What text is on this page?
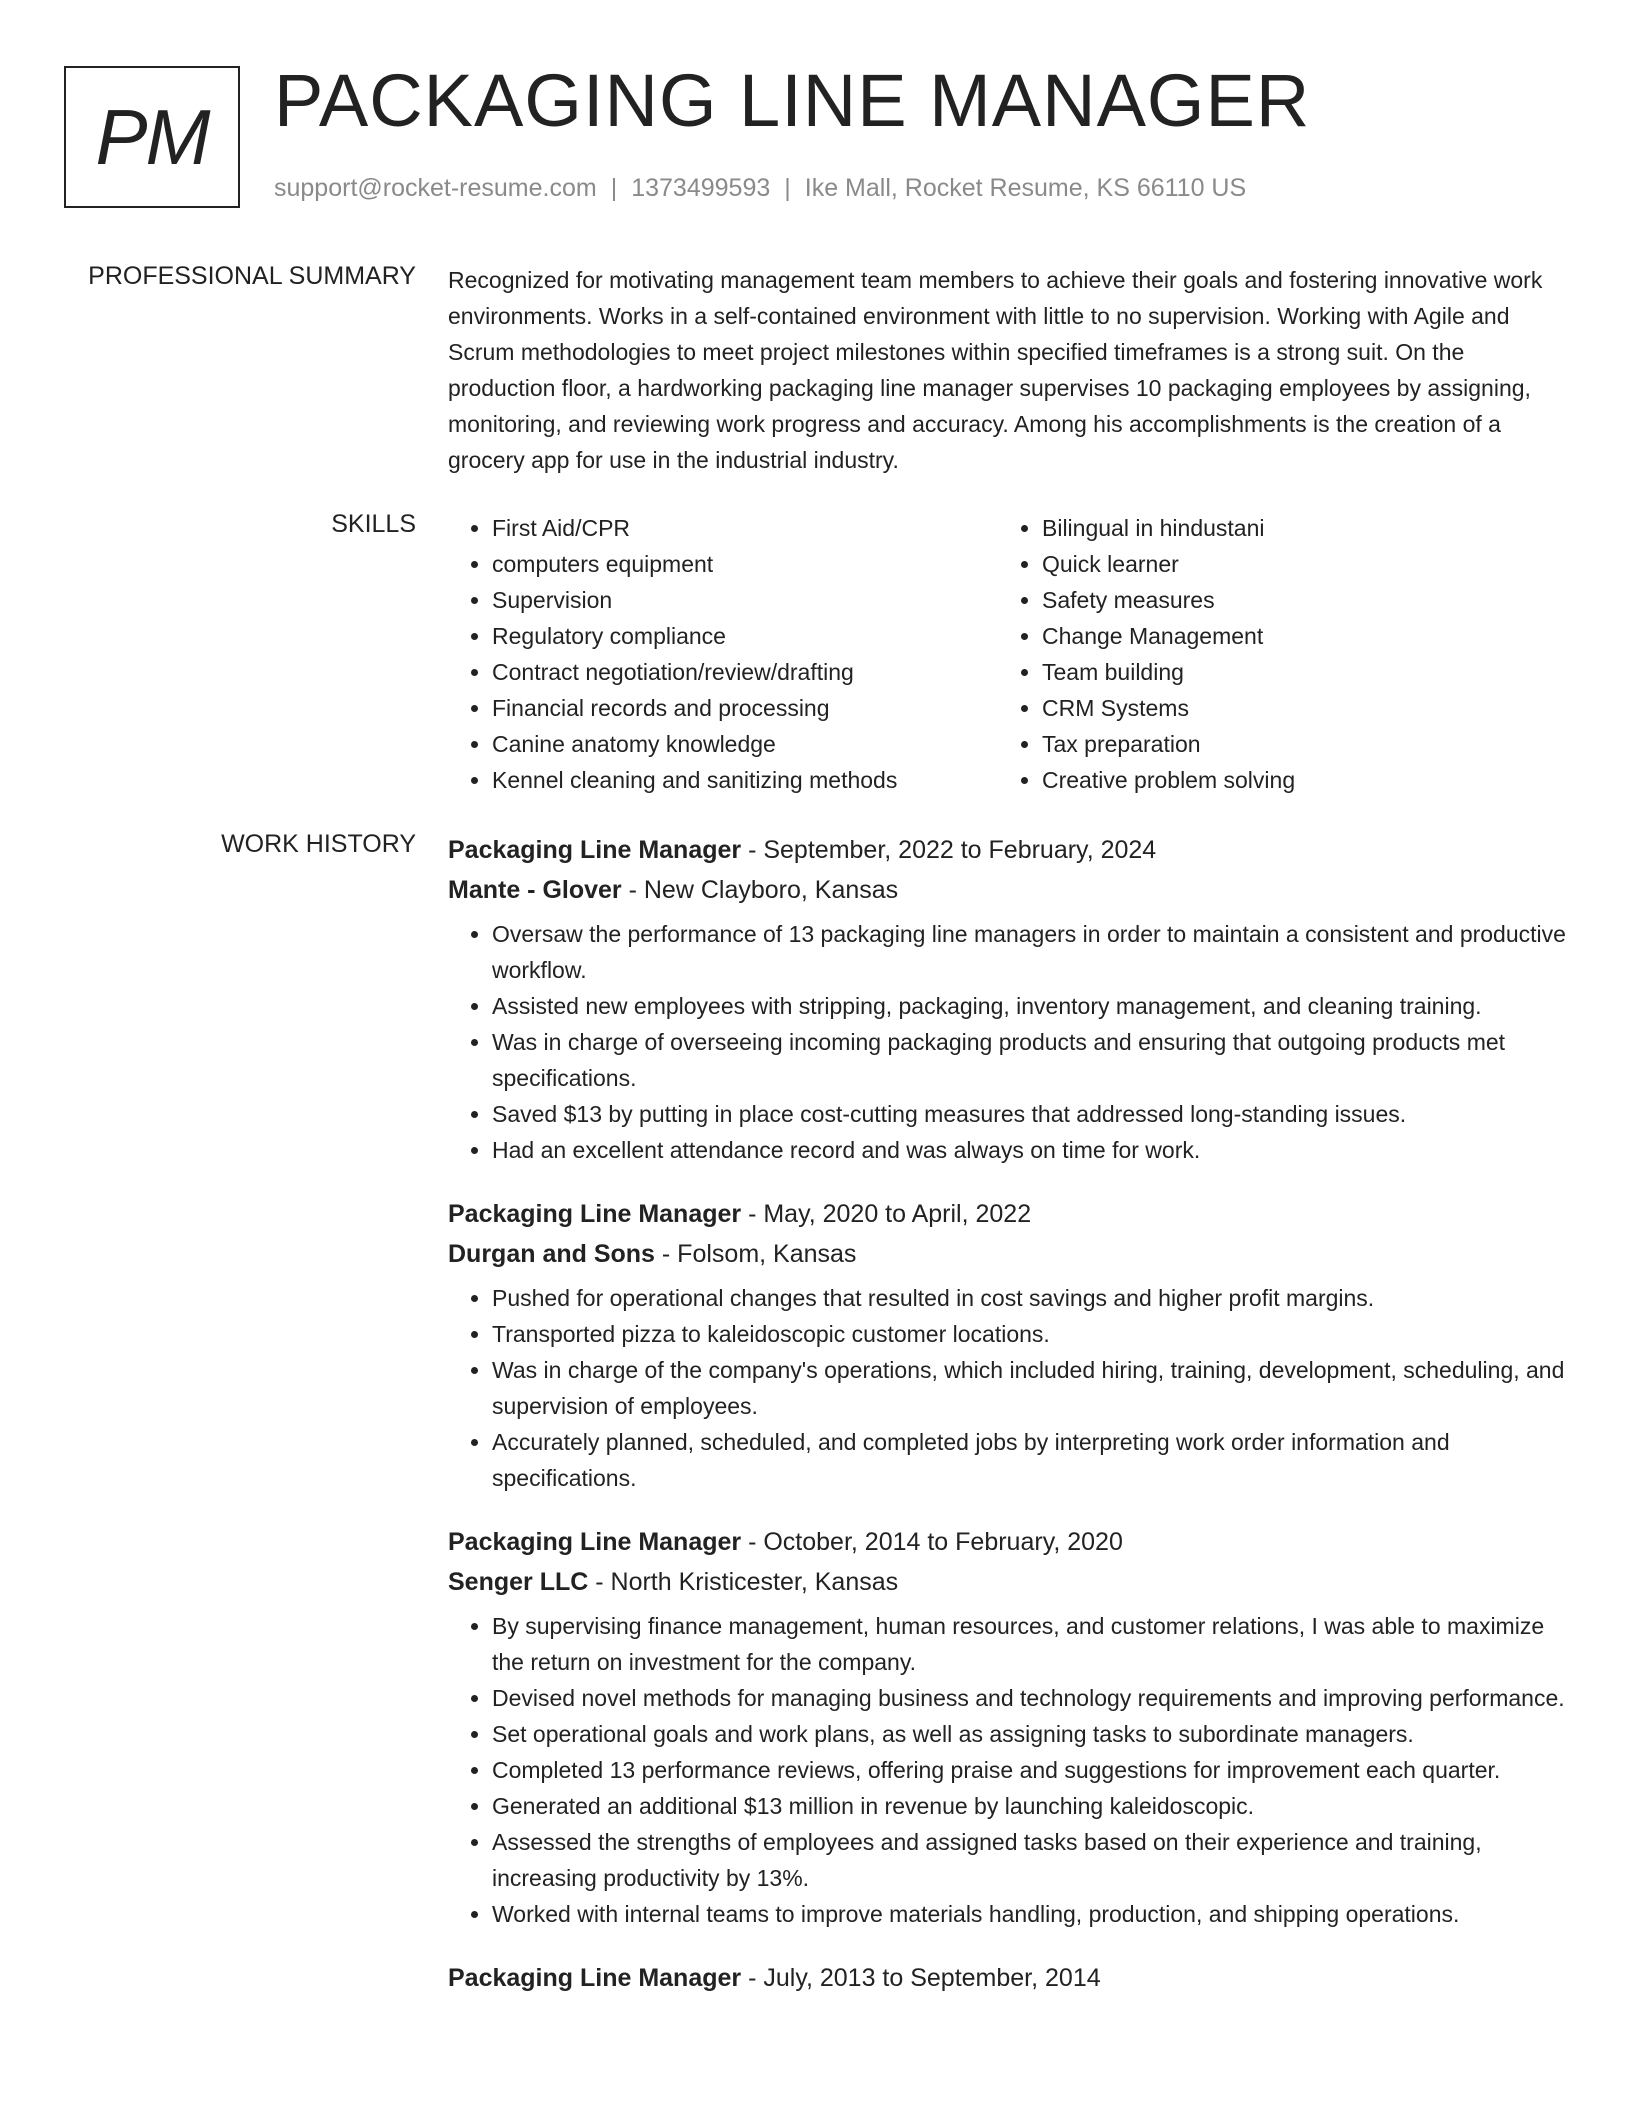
PM PACKAGING LINE MANAGER
support@rocket-resume.com | 1373499593 | Ike Mall, Rocket Resume, KS 66110 US
PROFESSIONAL SUMMARY Recognized for motivating management team members to achieve their goals and fostering innovative work environments. Works in a self-contained environment with little to no supervision. Working with Agile and Scrum methodologies to meet project milestones within specified timeframes is a strong suit. On the production floor, a hardworking packaging line manager supervises 10 packaging employees by assigning, monitoring, and reviewing work progress and accuracy. Among his accomplishments is the creation of a grocery app for use in the industrial industry.

SKILLS
•	First Aid/CPR
• computers equipment
• Supervision
• Regulatory compliance
• Contract negotiation/review/drafting
• Financial records and processing
• Canine anatomy knowledge
• Kennel cleaning and sanitizing methods
• Bilingual in hindustani
• Quick learner
• Safety measures
• Change Management
• Team building
• CRM Systems
• Tax preparation
• Creative problem solving
WORK HISTORY Packaging Line Manager - September, 2022 to February, 2024
Mante - Glover - New Clayboro, Kansas
• Oversaw the performance of 13 packaging line managers in order to maintain a consistent and productive workflow.
• Assisted new employees with stripping, packaging, inventory management, and cleaning training.
• Was in charge of overseeing incoming packaging products and ensuring that outgoing products met specifications.
• Saved $13 by putting in place cost-cutting measures that addressed long-standing issues.
• Had an excellent attendance record and was always on time for work.
Packaging Line Manager - May, 2020 to April, 2022
Durgan and Sons - Folsom, Kansas
• Pushed for operational changes that resulted in cost savings and higher profit margins.
• Transported pizza to kaleidoscopic customer locations.
• Was in charge of the company's operations, which included hiring, training, development, scheduling, and supervision of employees.
• Accurately planned, scheduled, and completed jobs by interpreting work order information and specifications.
Packaging Line Manager - October, 2014 to February, 2020
Senger LLC - North Kristicester, Kansas
• By supervising finance management, human resources, and customer relations, I was able to maximize the return on investment for the company.
• Devised novel methods for managing business and technology requirements and improving performance.
• Set operational goals and work plans, as well as assigning tasks to subordinate managers.
• Completed 13 performance reviews, offering praise and suggestions for improvement each quarter.
• Generated an additional $13 million in revenue by launching kaleidoscopic.
• Assessed the strengths of employees and assigned tasks based on their experience and training, increasing productivity by 13%.
• Worked with internal teams to improve materials handling, production, and shipping operations.
Packaging Line Manager - July, 2013 to September, 2014
